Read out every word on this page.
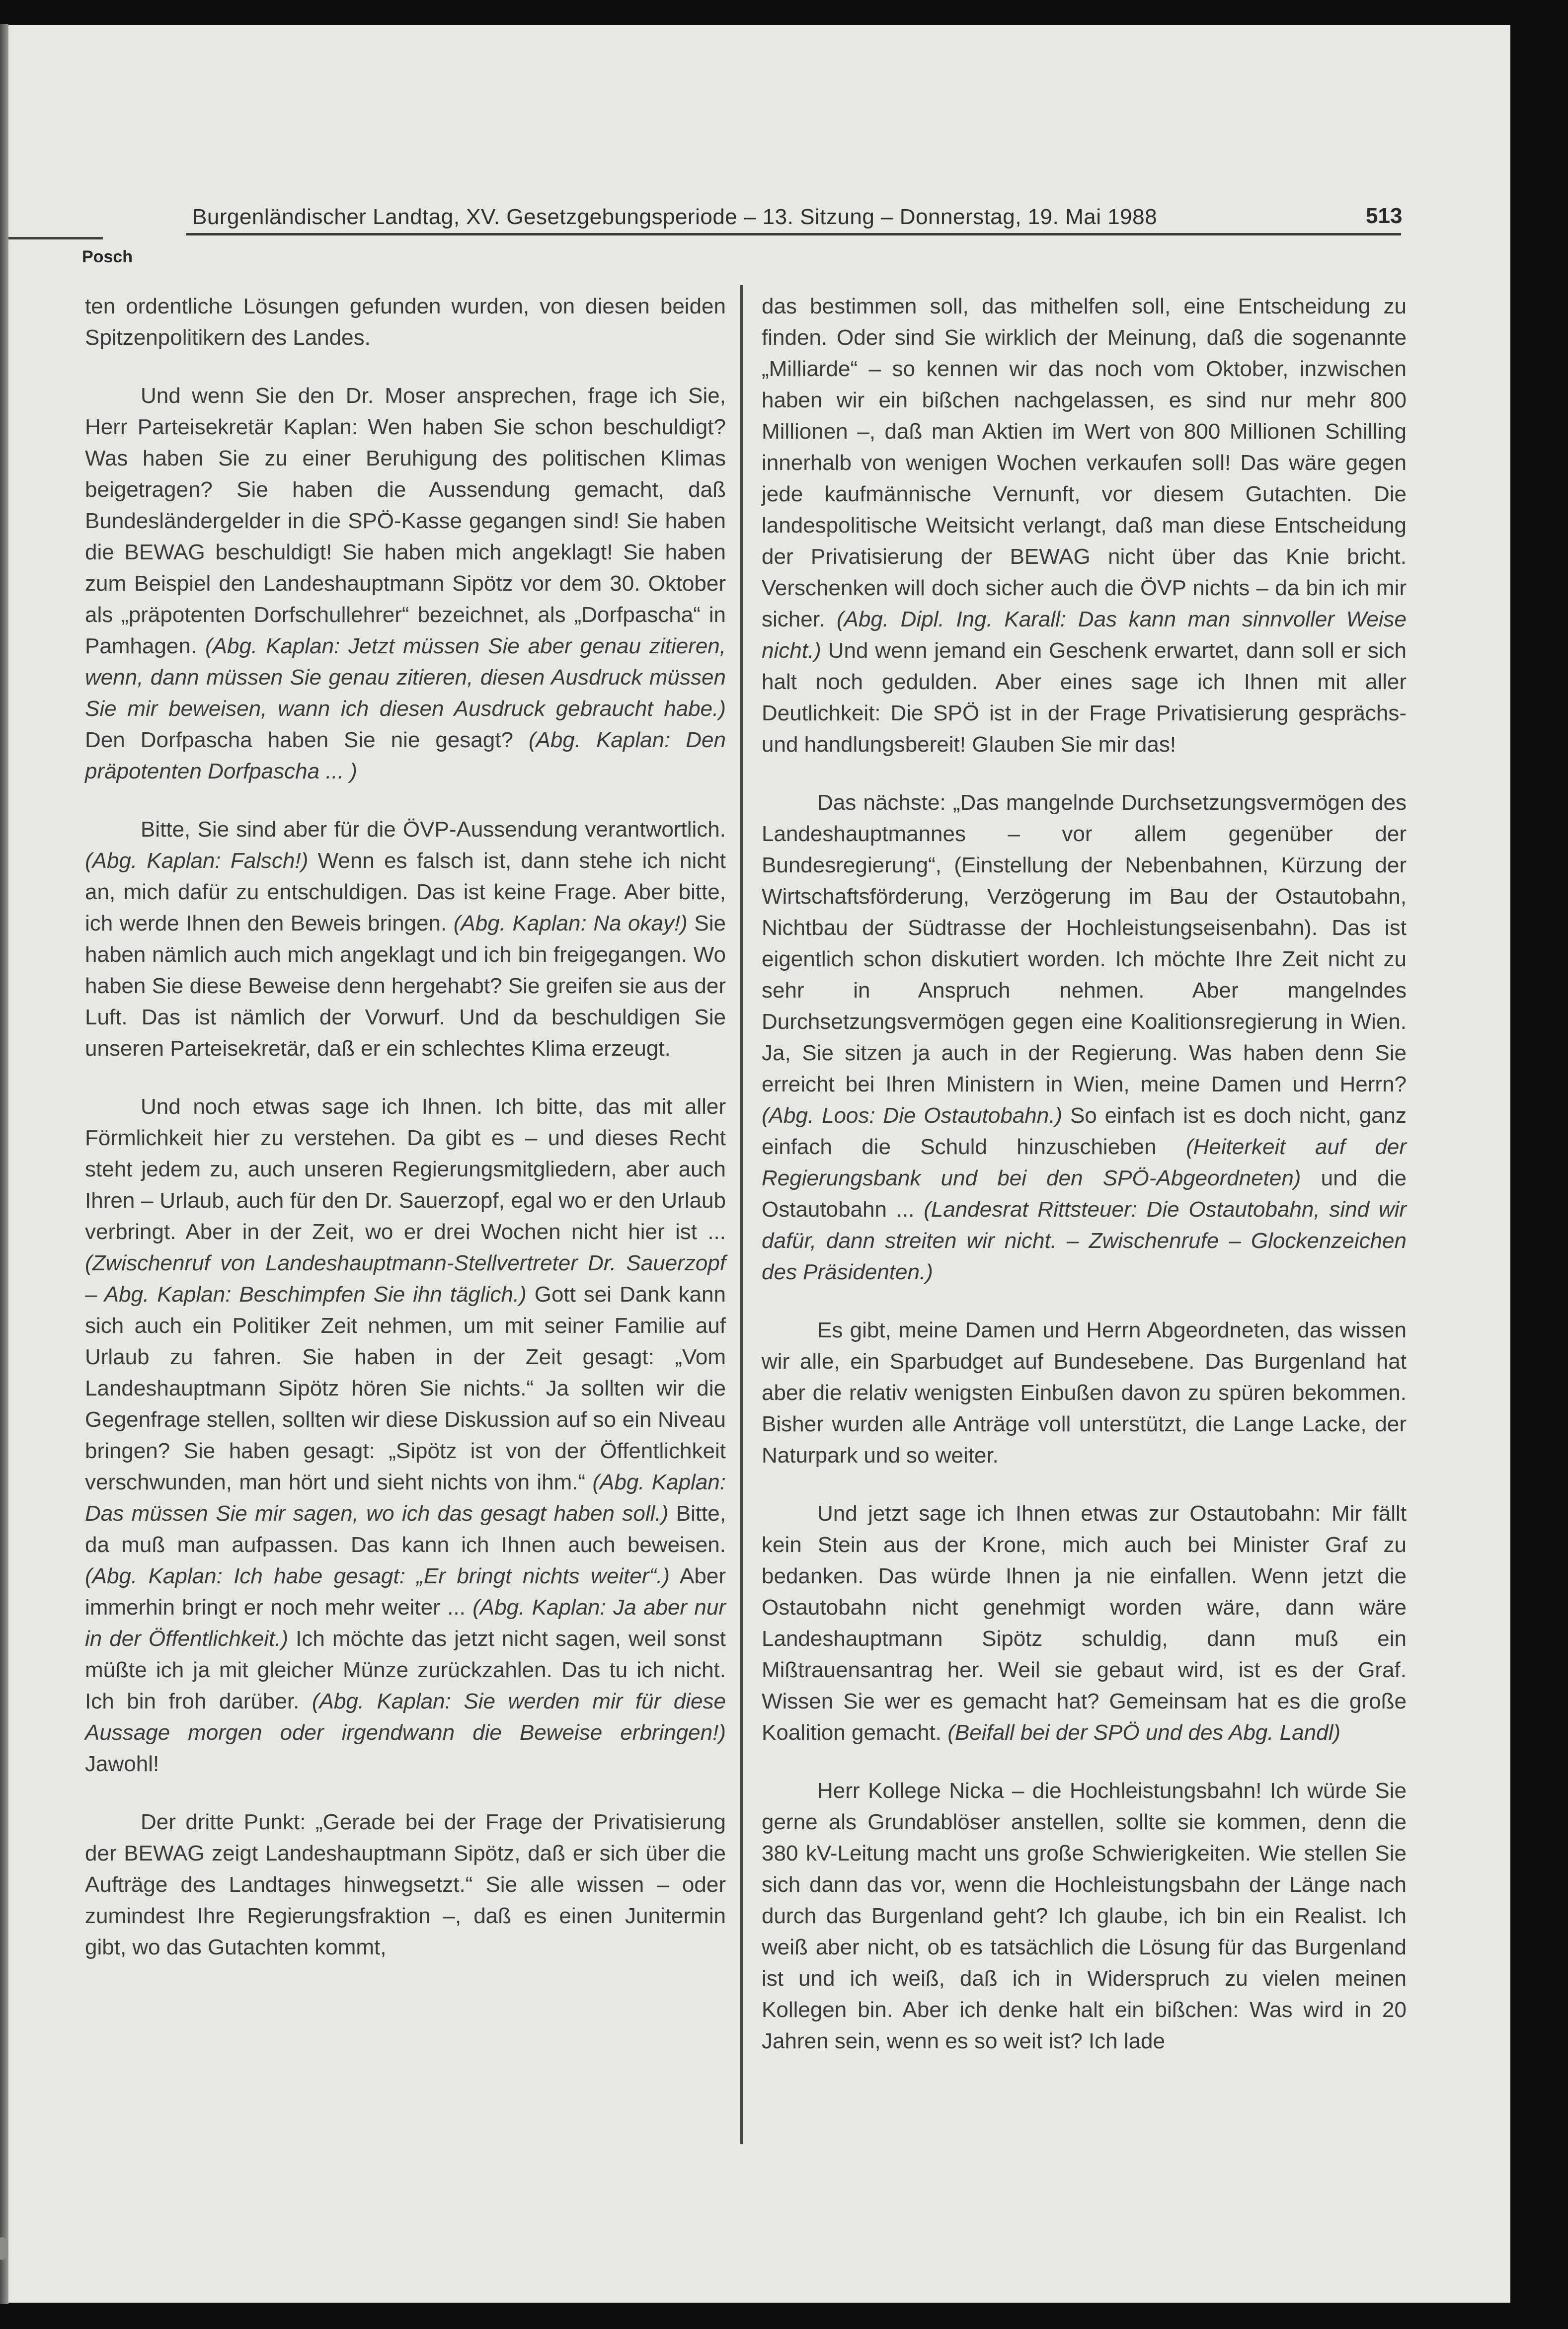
Burgenländischer Landtag, XV. Gesetzgebungsperiode – 13. Sitzung – Donnerstag, 19. Mai 1988	513
Posch

ten ordentliche Lösungen gefunden wurden, von diesen beiden Spitzenpolitikern des Landes.

Und wenn Sie den Dr. Moser ansprechen, frage ich Sie, Herr Parteisekretär Kaplan: Wen haben Sie schon beschuldigt? Was haben Sie zu einer Beruhigung des politischen Klimas beigetragen? Sie haben die Aussendung gemacht, daß Bundesländergelder in die SPÖ-Kasse gegangen sind! Sie haben die BEWAG beschuldigt! Sie haben mich angeklagt! Sie haben zum Beispiel den Landeshauptmann Sipötz vor dem 30. Oktober als „präpotenten Dorfschullehrer“ bezeichnet, als „Dorfpascha“ in Pamhagen. (Abg. Kaplan: Jetzt müssen Sie aber genau zitieren, wenn, dann müssen Sie genau zitieren, diesen Ausdruck müssen Sie mir beweisen, wann ich diesen Ausdruck gebraucht habe.) Den Dorfpascha haben Sie nie gesagt? (Abg. Kaplan: Den präpotenten Dorfpascha ... )

Bitte, Sie sind aber für die ÖVP-Aussendung verantwortlich. (Abg. Kaplan: Falsch!) Wenn es falsch ist, dann stehe ich nicht an, mich dafür zu entschuldigen. Das ist keine Frage. Aber bitte, ich werde Ihnen den Beweis bringen. (Abg. Kaplan: Na okay!) Sie haben nämlich auch mich angeklagt und ich bin freigegangen. Wo haben Sie diese Beweise denn hergehabt? Sie greifen sie aus der Luft. Das ist nämlich der Vorwurf. Und da beschuldigen Sie unseren Parteisekretär, daß er ein schlechtes Klima erzeugt.

Und noch etwas sage ich Ihnen. Ich bitte, das mit aller Förmlichkeit hier zu verstehen. Da gibt es – und dieses Recht steht jedem zu, auch unseren Regierungsmitgliedern, aber auch Ihren – Urlaub, auch für den Dr. Sauerzopf, egal wo er den Urlaub verbringt. Aber in der Zeit, wo er drei Wochen nicht hier ist ... (Zwischenruf von Landeshauptmann-Stellvertreter Dr. Sauerzopf – Abg. Kaplan: Beschimpfen Sie ihn täglich.) Gott sei Dank kann sich auch ein Politiker Zeit nehmen, um mit seiner Familie auf Urlaub zu fahren. Sie haben in der Zeit gesagt: „Vom Landeshauptmann Sipötz hören Sie nichts.“ Ja sollten wir die Gegenfrage stellen, sollten wir diese Diskussion auf so ein Niveau bringen? Sie haben gesagt: „Sipötz ist von der Öffentlichkeit verschwunden, man hört und sieht nichts von ihm.“ (Abg. Kaplan: Das müssen Sie mir sagen, wo ich das gesagt haben soll.) Bitte, da muß man aufpassen. Das kann ich Ihnen auch beweisen. (Abg. Kaplan: Ich habe gesagt: „Er bringt nichts weiter“.) Aber immerhin bringt er noch mehr weiter ... (Abg. Kaplan: Ja aber nur in der Öffentlichkeit.) Ich möchte das jetzt nicht sagen, weil sonst müßte ich ja mit gleicher Münze zurückzahlen. Das tu ich nicht. Ich bin froh darüber. (Abg. Kaplan: Sie werden mir für diese Aussage morgen oder irgendwann die Beweise erbringen!) Jawohl!

Der dritte Punkt: „Gerade bei der Frage der Privatisierung der BEWAG zeigt Landeshauptmann Sipötz, daß er sich über die Aufträge des Landtages hinwegsetzt.“ Sie alle wissen – oder zumindest Ihre Regierungsfraktion –, daß es einen Junitermin gibt, wo das Gutachten kommt,

das bestimmen soll, das mithelfen soll, eine Entscheidung zu finden. Oder sind Sie wirklich der Meinung, daß die sogenannte „Milliarde“ – so kennen wir das noch vom Oktober, inzwischen haben wir ein bißchen nachgelassen, es sind nur mehr 800 Millionen –, daß man Aktien im Wert von 800 Millionen Schilling innerhalb von wenigen Wochen verkaufen soll! Das wäre gegen jede kaufmännische Vernunft, vor diesem Gutachten. Die landespolitische Weitsicht verlangt, daß man diese Entscheidung der Privatisierung der BEWAG nicht über das Knie bricht. Verschenken will doch sicher auch die ÖVP nichts – da bin ich mir sicher. (Abg. Dipl. Ing. Karall: Das kann man sinnvoller Weise nicht.) Und wenn jemand ein Geschenk erwartet, dann soll er sich halt noch gedulden. Aber eines sage ich Ihnen mit aller Deutlichkeit: Die SPÖ ist in der Frage Privatisierung gesprächs- und handlungsbereit! Glauben Sie mir das!

Das nächste: „Das mangelnde Durchsetzungsvermögen des Landeshauptmannes – vor allem gegenüber der Bundesregierung“, (Einstellung der Nebenbahnen, Kürzung der Wirtschaftsförderung, Verzögerung im Bau der Ostautobahn, Nichtbau der Südtrasse der Hochleistungseisenbahn). Das ist eigentlich schon diskutiert worden. Ich möchte Ihre Zeit nicht zu sehr in Anspruch nehmen. Aber mangelndes Durchsetzungsvermögen gegen eine Koalitionsregierung in Wien. Ja, Sie sitzen ja auch in der Regierung. Was haben denn Sie erreicht bei Ihren Ministern in Wien, meine Damen und Herrn? (Abg. Loos: Die Ostautobahn.) So einfach ist es doch nicht, ganz einfach die Schuld hinzuschieben (Heiterkeit auf der Regierungsbank und bei den SPÖ-Abgeordneten) und die Ostautobahn ... (Landesrat Rittsteuer: Die Ostautobahn, sind wir dafür, dann streiten wir nicht. – Zwischenrufe – Glockenzeichen des Präsidenten.)

Es gibt, meine Damen und Herrn Abgeordneten, das wissen wir alle, ein Sparbudget auf Bundesebene. Das Burgenland hat aber die relativ wenigsten Einbußen davon zu spüren bekommen. Bisher wurden alle Anträge voll unterstützt, die Lange Lacke, der Naturpark und so weiter.

Und jetzt sage ich Ihnen etwas zur Ostautobahn: Mir fällt kein Stein aus der Krone, mich auch bei Minister Graf zu bedanken. Das würde Ihnen ja nie einfallen. Wenn jetzt die Ostautobahn nicht genehmigt worden wäre, dann wäre Landeshauptmann Sipötz schuldig, dann muß ein Mißtrauensantrag her. Weil sie gebaut wird, ist es der Graf. Wissen Sie wer es gemacht hat? Gemeinsam hat es die große Koalition gemacht. (Beifall bei der SPÖ und des Abg. Landl)

Herr Kollege Nicka – die Hochleistungsbahn! Ich würde Sie gerne als Grundablöser anstellen, sollte sie kommen, denn die 380 kV-Leitung macht uns große Schwierigkeiten. Wie stellen Sie sich dann das vor, wenn die Hochleistungsbahn der Länge nach durch das Burgenland geht? Ich glaube, ich bin ein Realist. Ich weiß aber nicht, ob es tatsächlich die Lösung für das Burgenland ist und ich weiß, daß ich in Widerspruch zu vielen meinen Kollegen bin. Aber ich denke halt ein bißchen: Was wird in 20 Jahren sein, wenn es so weit ist? Ich lade
